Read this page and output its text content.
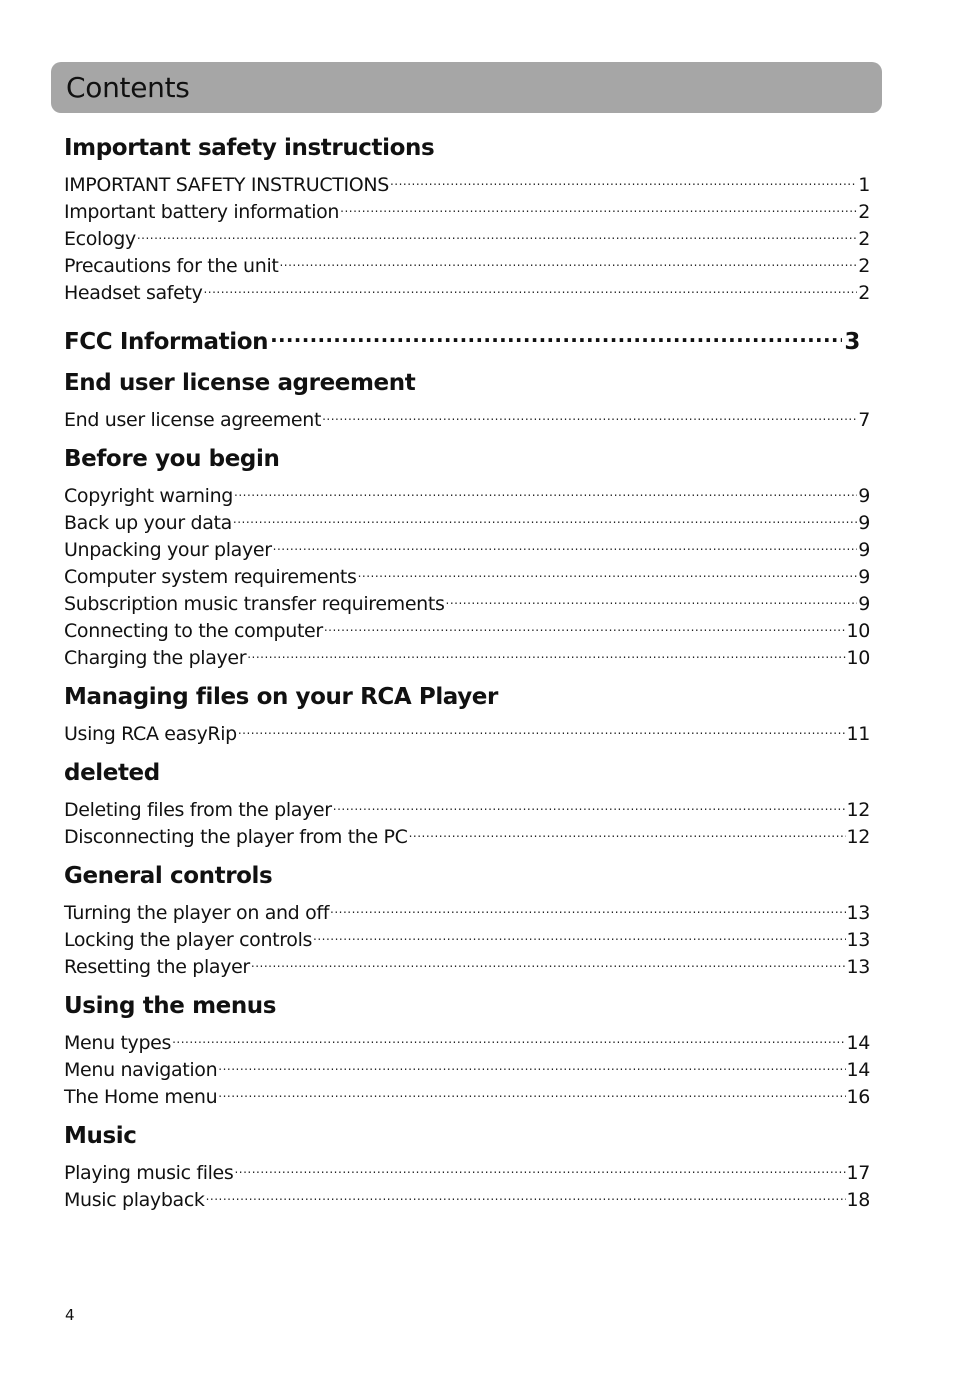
Contents
Important safety instructions
IMPORTANT SAFETY INSTRUCTIONS .....	1
Important battery information .....	2
Ecology .....	2
Precautions for the unit .....	2
Headset safety .....	2
FCC Information .....	3
End user license agreement
End user license agreement .....	7
Before you begin
Copyright warning .....	9
Back up your data .....	9
Unpacking your player .....	9
Computer system requirements .....	9
Subscription music transfer requirements .....	9
Connecting to the computer .....	10
Charging the player .....	10
Managing files on your RCA Player
Using RCA easyRip .....	11
deleted
Deleting files from the player .....	12
Disconnecting the player from the PC .....	12
General controls
Turning the player on and off .....	13
Locking the player controls .....	13
Resetting the player .....	13
Using the menus
Menu types .....	14
Menu navigation .....	14
The Home menu .....	16
Music
Playing music files .....	17
Music playback .....	18
4
